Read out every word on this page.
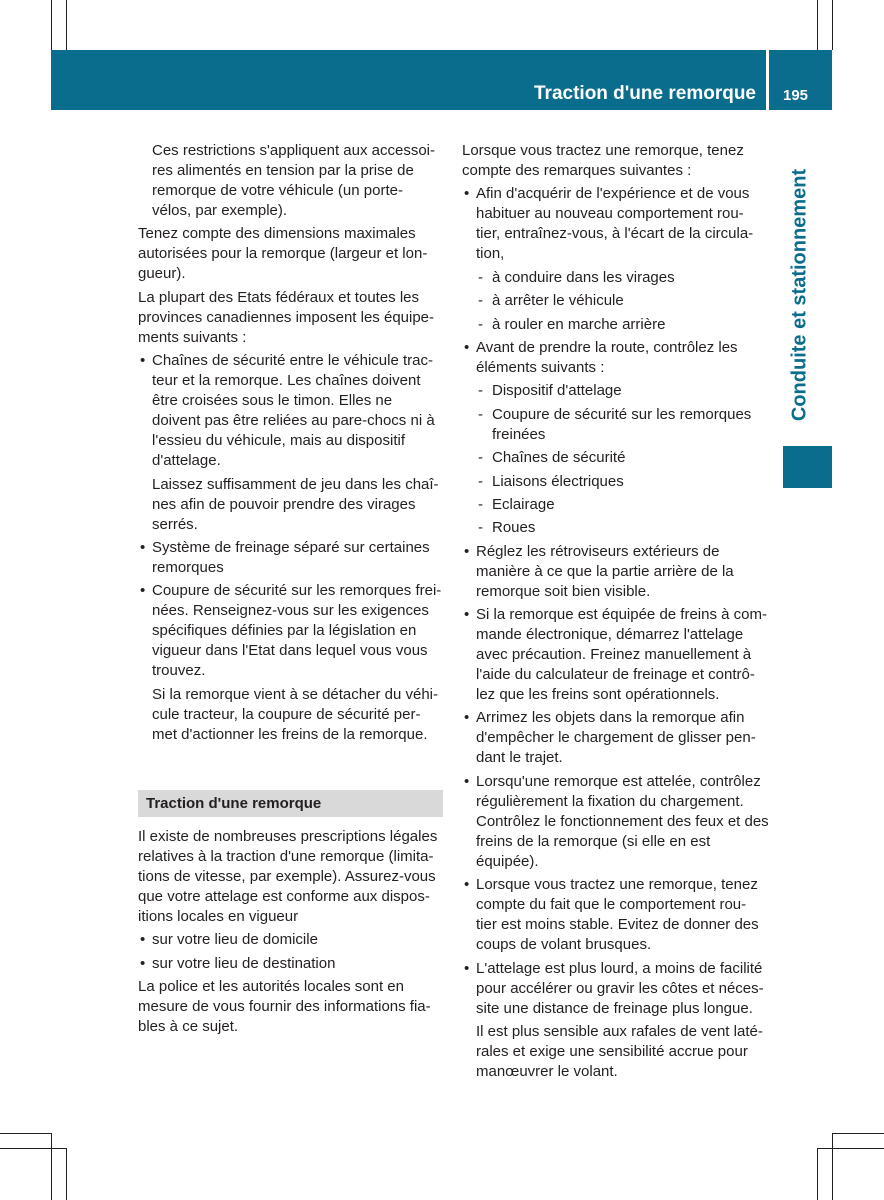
Traction d'une remorque 195
Conduite et stationnement

Ces restrictions s'appliquent aux accessoi- res alimentés en tension par la prise de remorque de votre véhicule (un porte- vélos, par exemple).

Tenez compte des dimensions maximales autorisées pour la remorque (largeur et lon- gueur).

La plupart des Etats fédéraux et toutes les provinces canadiennes imposent les équipe- ments suivants :

• Chaînes de sécurité entre le véhicule trac- teur et la remorque. Les chaînes doivent être croisées sous le timon. Elles ne doivent pas être reliées au pare-chocs ni à l'essieu du véhicule, mais au dispositif d'attelage.

Laissez suffisamment de jeu dans les chaî- nes afin de pouvoir prendre des virages serrés.

• Système de freinage séparé sur certaines remorques
• Coupure de sécurité sur les remorques frei- nées. Renseignez-vous sur les exigences spécifiques définies par la législation en vigueur dans l'Etat dans lequel vous vous trouvez.

Si la remorque vient à se détacher du véhi- cule tracteur, la coupure de sécurité per- met d'actionner les freins de la remorque.

Traction d'une remorque

Il existe de nombreuses prescriptions légales relatives à la traction d'une remorque (limita- tions de vitesse, par exemple). Assurez-vous que votre attelage est conforme aux dispos- itions locales en vigueur

• sur votre lieu de domicile
• sur votre lieu de destination

La police et les autorités locales sont en mesure de vous fournir des informations fia- bles à ce sujet.

Lorsque vous tractez une remorque, tenez compte des remarques suivantes :

• Afin d'acquérir de l'expérience et de vous habituer au nouveau comportement rou- tier, entraînez-vous, à l'écart de la circula- tion,
- à conduire dans les virages
- à arrêter le véhicule
- à rouler en marche arrière
• Avant de prendre la route, contrôlez les éléments suivants :
- Dispositif d'attelage
- Coupure de sécurité sur les remorques freinées
- Chaînes de sécurité
- Liaisons électriques
- Eclairage
- Roues
• Réglez les rétroviseurs extérieurs de manière à ce que la partie arrière de la remorque soit bien visible.
• Si la remorque est équipée de freins à com- mande électronique, démarrez l'attelage avec précaution. Freinez manuellement à l'aide du calculateur de freinage et contrô- lez que les freins sont opérationnels.
• Arrimez les objets dans la remorque afin d'empêcher le chargement de glisser pen- dant le trajet.
• Lorsqu'une remorque est attelée, contrôlez régulièrement la fixation du chargement. Contrôlez le fonctionnement des feux et des freins de la remorque (si elle en est équipée).
• Lorsque vous tractez une remorque, tenez compte du fait que le comportement rou- tier est moins stable. Evitez de donner des coups de volant brusques.
• L'attelage est plus lourd, a moins de facilité pour accélérer ou gravir les côtes et néces- site une distance de freinage plus longue.

Il est plus sensible aux rafales de vent laté- rales et exige une sensibilité accrue pour manœuvrer le volant.
